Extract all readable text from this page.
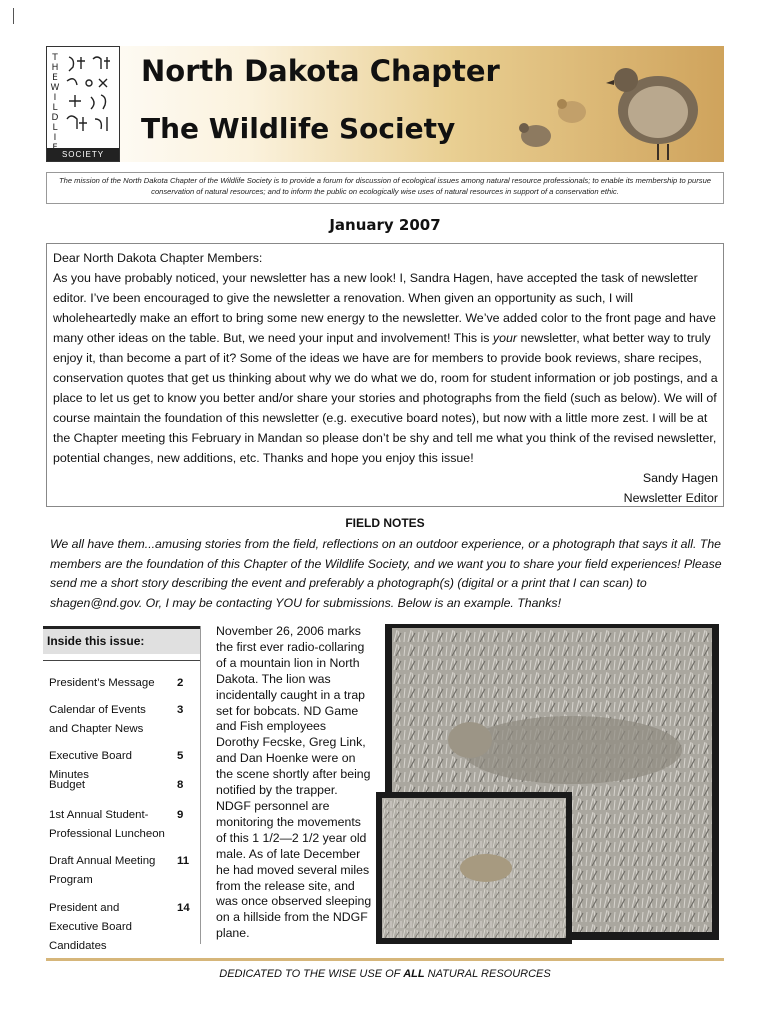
T
H
E
W
I
L
D
L
I
SOCIETY
North Dakota Chapter
The Wildlife Society
The mission of the North Dakota Chapter of the Wildlife Society is to provide a forum for discussion of ecological issues among natural resource professionals; to enable its membership to pursue conservation of natural resources; and to inform the public on ecologically wise uses of natural resources in support of a conservation ethic.
January 2007

Dear North Dakota Chapter Members:

As you have probably noticed, your newsletter has a new look! I, Sandra Hagen, have accepted the task of newsletter editor. I’ve been encouraged to give the newsletter a renovation. When given an opportunity as such, I will wholeheartedly make an effort to bring some new energy to the newsletter. We’ve added color to the front page and have many other ideas on the table. But, we need your input and involvement! This is your newsletter, what better way to truly enjoy it, than become a part of it? Some of the ideas we have are for members to provide book reviews, share recipes, conservation quotes that get us thinking about why we do what we do, room for student information or job postings, and a place to let us get to know you better and/or share your stories and photographs from the field (such as below). We will of course maintain the foundation of this newsletter (e.g. executive board notes), but now with a little more zest. I will be at the Chapter meeting this February in Mandan so please don’t be shy and tell me what you think of the revised newsletter, potential changes, new additions, etc. Thanks and hope you enjoy this issue!

Sandy Hagen

Newsletter Editor

FIELD NOTES
We all have them...amusing stories from the field, reflections on an outdoor experience, or a photograph that says it all. The members are the foundation of this Chapter of the Wildlife Society, and we want you to share your field experiences! Please send me a short story describing the event and preferably a photograph(s) (digital or a print that I can scan) to shagen@nd.gov. Or, I may be contacting YOU for submissions. Below is an example. Thanks!
Inside this issue:
President’s Message	2
Calendar of Events and Chapter News
3
Executive Board Minutes
5
Budget	8
1st Annual Student-Professional Luncheon
9
Draft Annual Meeting Program
11
President and Executive Board Candidates
14
November 26, 2006 marks the first ever radio-collaring of a mountain lion in North Dakota. The lion was incidentally caught in a trap set for bobcats. ND Game and Fish employees Dorothy Fecske, Greg Link, and Dan Hoenke were on the scene shortly after being notified by the trapper. NDGF personnel are monitoring the movements of this 1 1/2—2 1/2 year old male. As of late December he had moved several miles from the release site, and was once observed sleeping on a hillside from the NDGF plane.
DEDICATED TO THE WISE USE OF ALL NATURAL RESOURCES
